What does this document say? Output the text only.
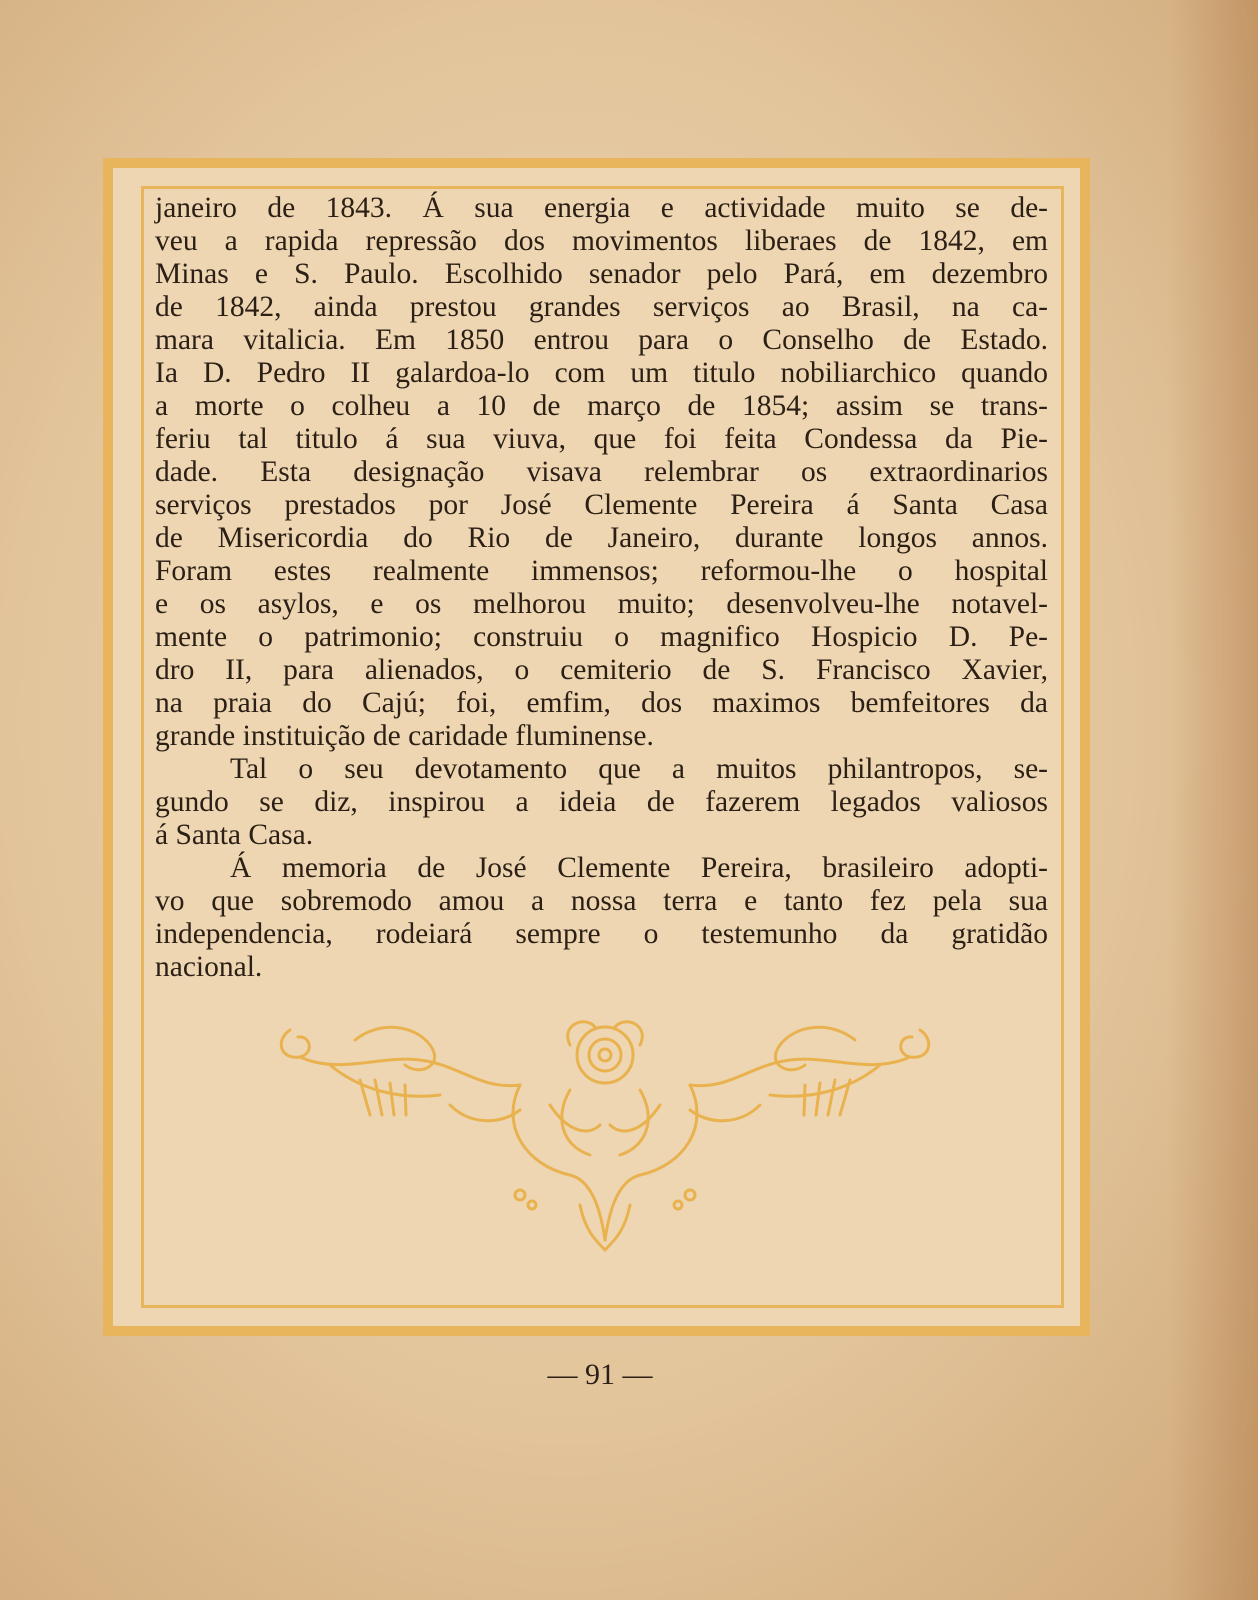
janeiro de 1843. Á sua energia e actividade muito se de-
veu a rapida repressão dos movimentos liberaes de 1842, em
Minas e S. Paulo. Escolhido senador pelo Pará, em dezembro
de 1842, ainda prestou grandes serviços ao Brasil, na ca-
mara vitalicia. Em 1850 entrou para o Conselho de Estado.
Ia D. Pedro II galardoa-lo com um titulo nobiliarchico quando
a morte o colheu a 10 de março de 1854; assim se trans-
feriu tal titulo á sua viuva, que foi feita Condessa da Pie-
dade. Esta designação visava relembrar os extraordinarios
serviços prestados por José Clemente Pereira á Santa Casa
de Misericordia do Rio de Janeiro, durante longos annos.
Foram estes realmente immensos; reformou-lhe o hospital
e os asylos, e os melhorou muito; desenvolveu-lhe notavel-
mente o patrimonio; construiu o magnifico Hospicio D. Pe-
dro II, para alienados, o cemiterio de S. Francisco Xavier,
na praia do Cajú; foi, emfim, dos maximos bemfeitores da
grande instituição de caridade fluminense.
Tal o seu devotamento que a muitos philantropos, se-
gundo se diz, inspirou a ideia de fazerem legados valiosos
á Santa Casa.
Á memoria de José Clemente Pereira, brasileiro adopti-
vo que sobremodo amou a nossa terra e tanto fez pela sua
independencia, rodeiará sempre o testemunho da gratidão
nacional.
— 91 —
